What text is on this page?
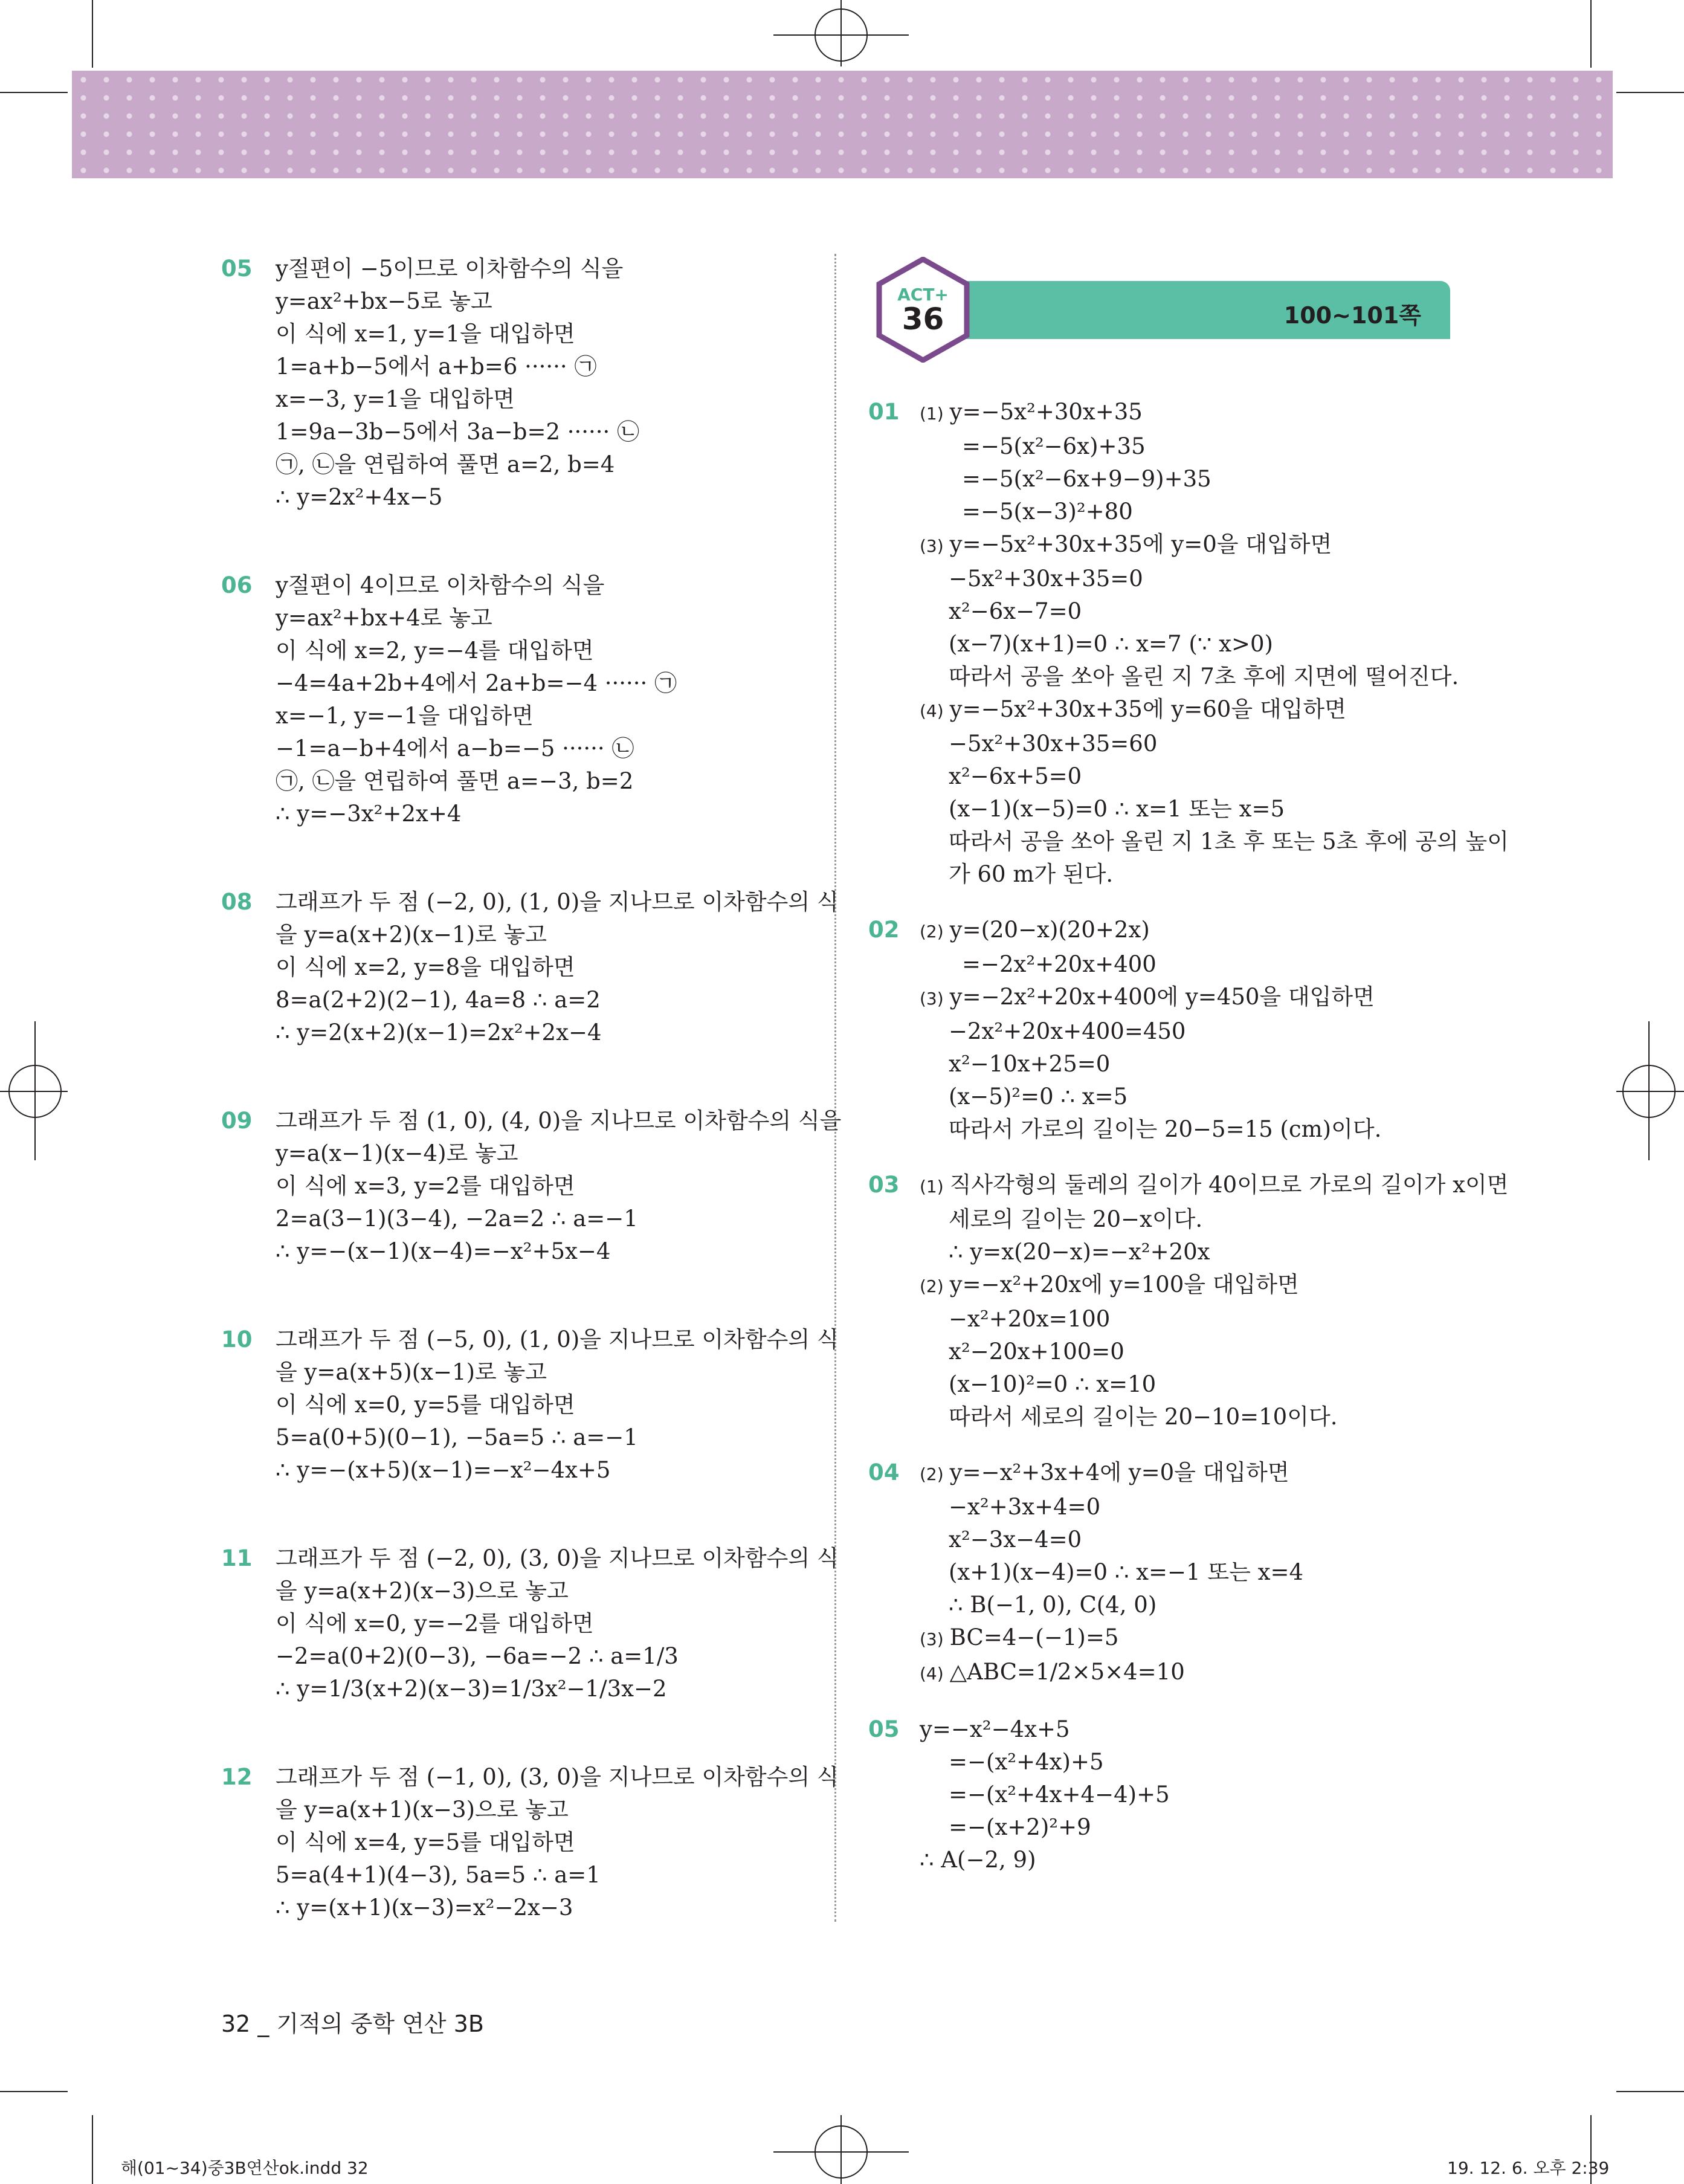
100~101쪽
ACT+
36
05 y절편이 −5이므로 이차함수의 식을
y=ax²+bx−5로 놓고
이 식에 x=1, y=1을 대입하면
1=a+b−5에서 a+b=6 ······ ㉠
x=−3, y=1을 대입하면
1=9a−3b−5에서 3a−b=2 ······ ㉡
㉠, ㉡을 연립하여 풀면 a=2, b=4
∴ y=2x²+4x−5
06 y절편이 4이므로 이차함수의 식을
y=ax²+bx+4로 놓고
이 식에 x=2, y=−4를 대입하면
−4=4a+2b+4에서 2a+b=−4 ······ ㉠
x=−1, y=−1을 대입하면
−1=a−b+4에서 a−b=−5 ······ ㉡
㉠, ㉡을 연립하여 풀면 a=−3, b=2
∴ y=−3x²+2x+4
08 그래프가 두 점 (−2, 0), (1, 0)을 지나므로 이차함수의 식
을 y=a(x+2)(x−1)로 놓고
이 식에 x=2, y=8을 대입하면
8=a(2+2)(2−1), 4a=8 ∴ a=2
∴ y=2(x+2)(x−1)=2x²+2x−4
09 그래프가 두 점 (1, 0), (4, 0)을 지나므로 이차함수의 식을
y=a(x−1)(x−4)로 놓고
이 식에 x=3, y=2를 대입하면
2=a(3−1)(3−4), −2a=2 ∴ a=−1
∴ y=−(x−1)(x−4)=−x²+5x−4
10 그래프가 두 점 (−5, 0), (1, 0)을 지나므로 이차함수의 식
을 y=a(x+5)(x−1)로 놓고
이 식에 x=0, y=5를 대입하면
5=a(0+5)(0−1), −5a=5 ∴ a=−1
∴ y=−(x+5)(x−1)=−x²−4x+5
11 그래프가 두 점 (−2, 0), (3, 0)을 지나므로 이차함수의 식
을 y=a(x+2)(x−3)으로 놓고
이 식에 x=0, y=−2를 대입하면
−2=a(0+2)(0−3), −6a=−2 ∴ a=1/3
∴ y=1/3(x+2)(x−3)=1/3x²−1/3x−2
12 그래프가 두 점 (−1, 0), (3, 0)을 지나므로 이차함수의 식
을 y=a(x+1)(x−3)으로 놓고
이 식에 x=4, y=5를 대입하면
5=a(4+1)(4−3), 5a=5 ∴ a=1
∴ y=(x+1)(x−3)=x²−2x−3
01 (1) y=−5x²+30x+35
=−5(x²−6x)+35
=−5(x²−6x+9−9)+35
=−5(x−3)²+80
(3) y=−5x²+30x+35에 y=0을 대입하면
−5x²+30x+35=0
x²−6x−7=0
(x−7)(x+1)=0 ∴ x=7 (∵ x>0)
따라서 공을 쏘아 올린 지 7초 후에 지면에 떨어진다.
(4) y=−5x²+30x+35에 y=60을 대입하면
−5x²+30x+35=60
x²−6x+5=0
(x−1)(x−5)=0 ∴ x=1 또는 x=5
따라서 공을 쏘아 올린 지 1초 후 또는 5초 후에 공의 높이
가 60 m가 된다.
02 (2) y=(20−x)(20+2x)
=−2x²+20x+400
(3) y=−2x²+20x+400에 y=450을 대입하면
−2x²+20x+400=450
x²−10x+25=0
(x−5)²=0 ∴ x=5
따라서 가로의 길이는 20−5=15 (cm)이다.
03 (1) 직사각형의 둘레의 길이가 40이므로 가로의 길이가 x이면
세로의 길이는 20−x이다.
∴ y=x(20−x)=−x²+20x
(2) y=−x²+20x에 y=100을 대입하면
−x²+20x=100
x²−20x+100=0
(x−10)²=0 ∴ x=10
따라서 세로의 길이는 20−10=10이다.
04 (2) y=−x²+3x+4에 y=0을 대입하면
−x²+3x+4=0
x²−3x−4=0
(x+1)(x−4)=0 ∴ x=−1 또는 x=4
∴ B(−1, 0), C(4, 0)
(3) BC=4−(−1)=5
(4) △ABC=1/2×5×4=10
05 y=−x²−4x+5
=−(x²+4x)+5
=−(x²+4x+4−4)+5
=−(x+2)²+9
∴ A(−2, 9)
32 _ 기적의 중학 연산 3B
해(01~34)중3B연산ok.indd 32	19. 12. 6. 오후 2:39
